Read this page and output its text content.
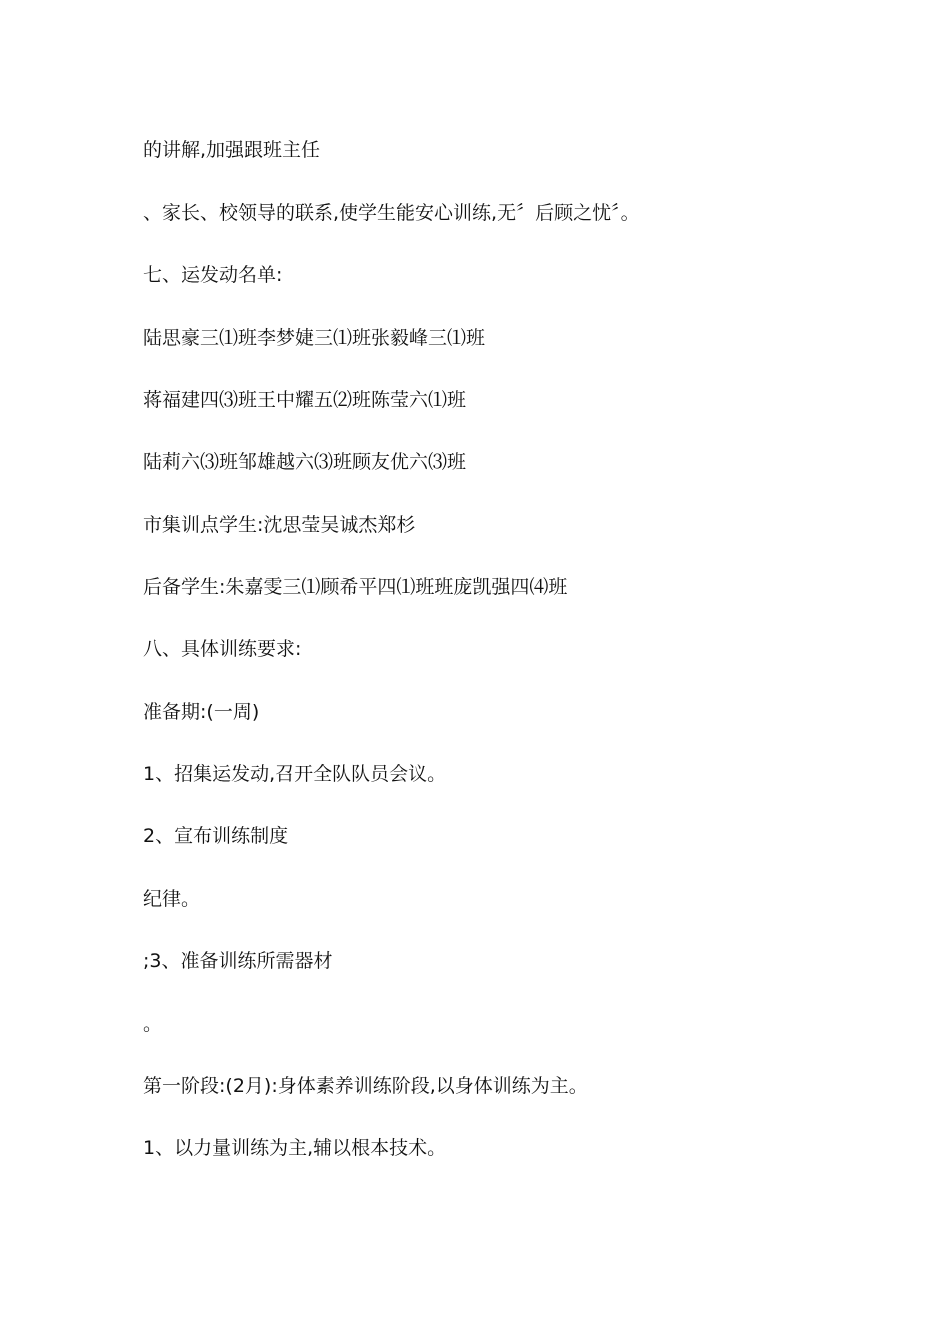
的讲解,加强跟班主任

、家长、校领导的联系,使学生能安心训练,无〞后顾之忧〞。

七、运发动名单:

陆思豪三⑴班李梦婕三⑴班张毅峰三⑴班

蒋福建四⑶班王中耀五⑵班陈莹六⑴班

陆莉六⑶班邹雄越六⑶班顾友优六⑶班

市集训点学生:沈思莹吴诚杰郑杉

后备学生:朱嘉雯三⑴顾希平四⑴班班庞凯强四⑷班

八、具体训练要求:

准备期:(一周)

1、招集运发动,召开全队队员会议。

2、宣布训练制度

纪律。

;3、准备训练所需器材

。

第一阶段:(2月):身体素养训练阶段,以身体训练为主。

1、以力量训练为主,辅以根本技术。
